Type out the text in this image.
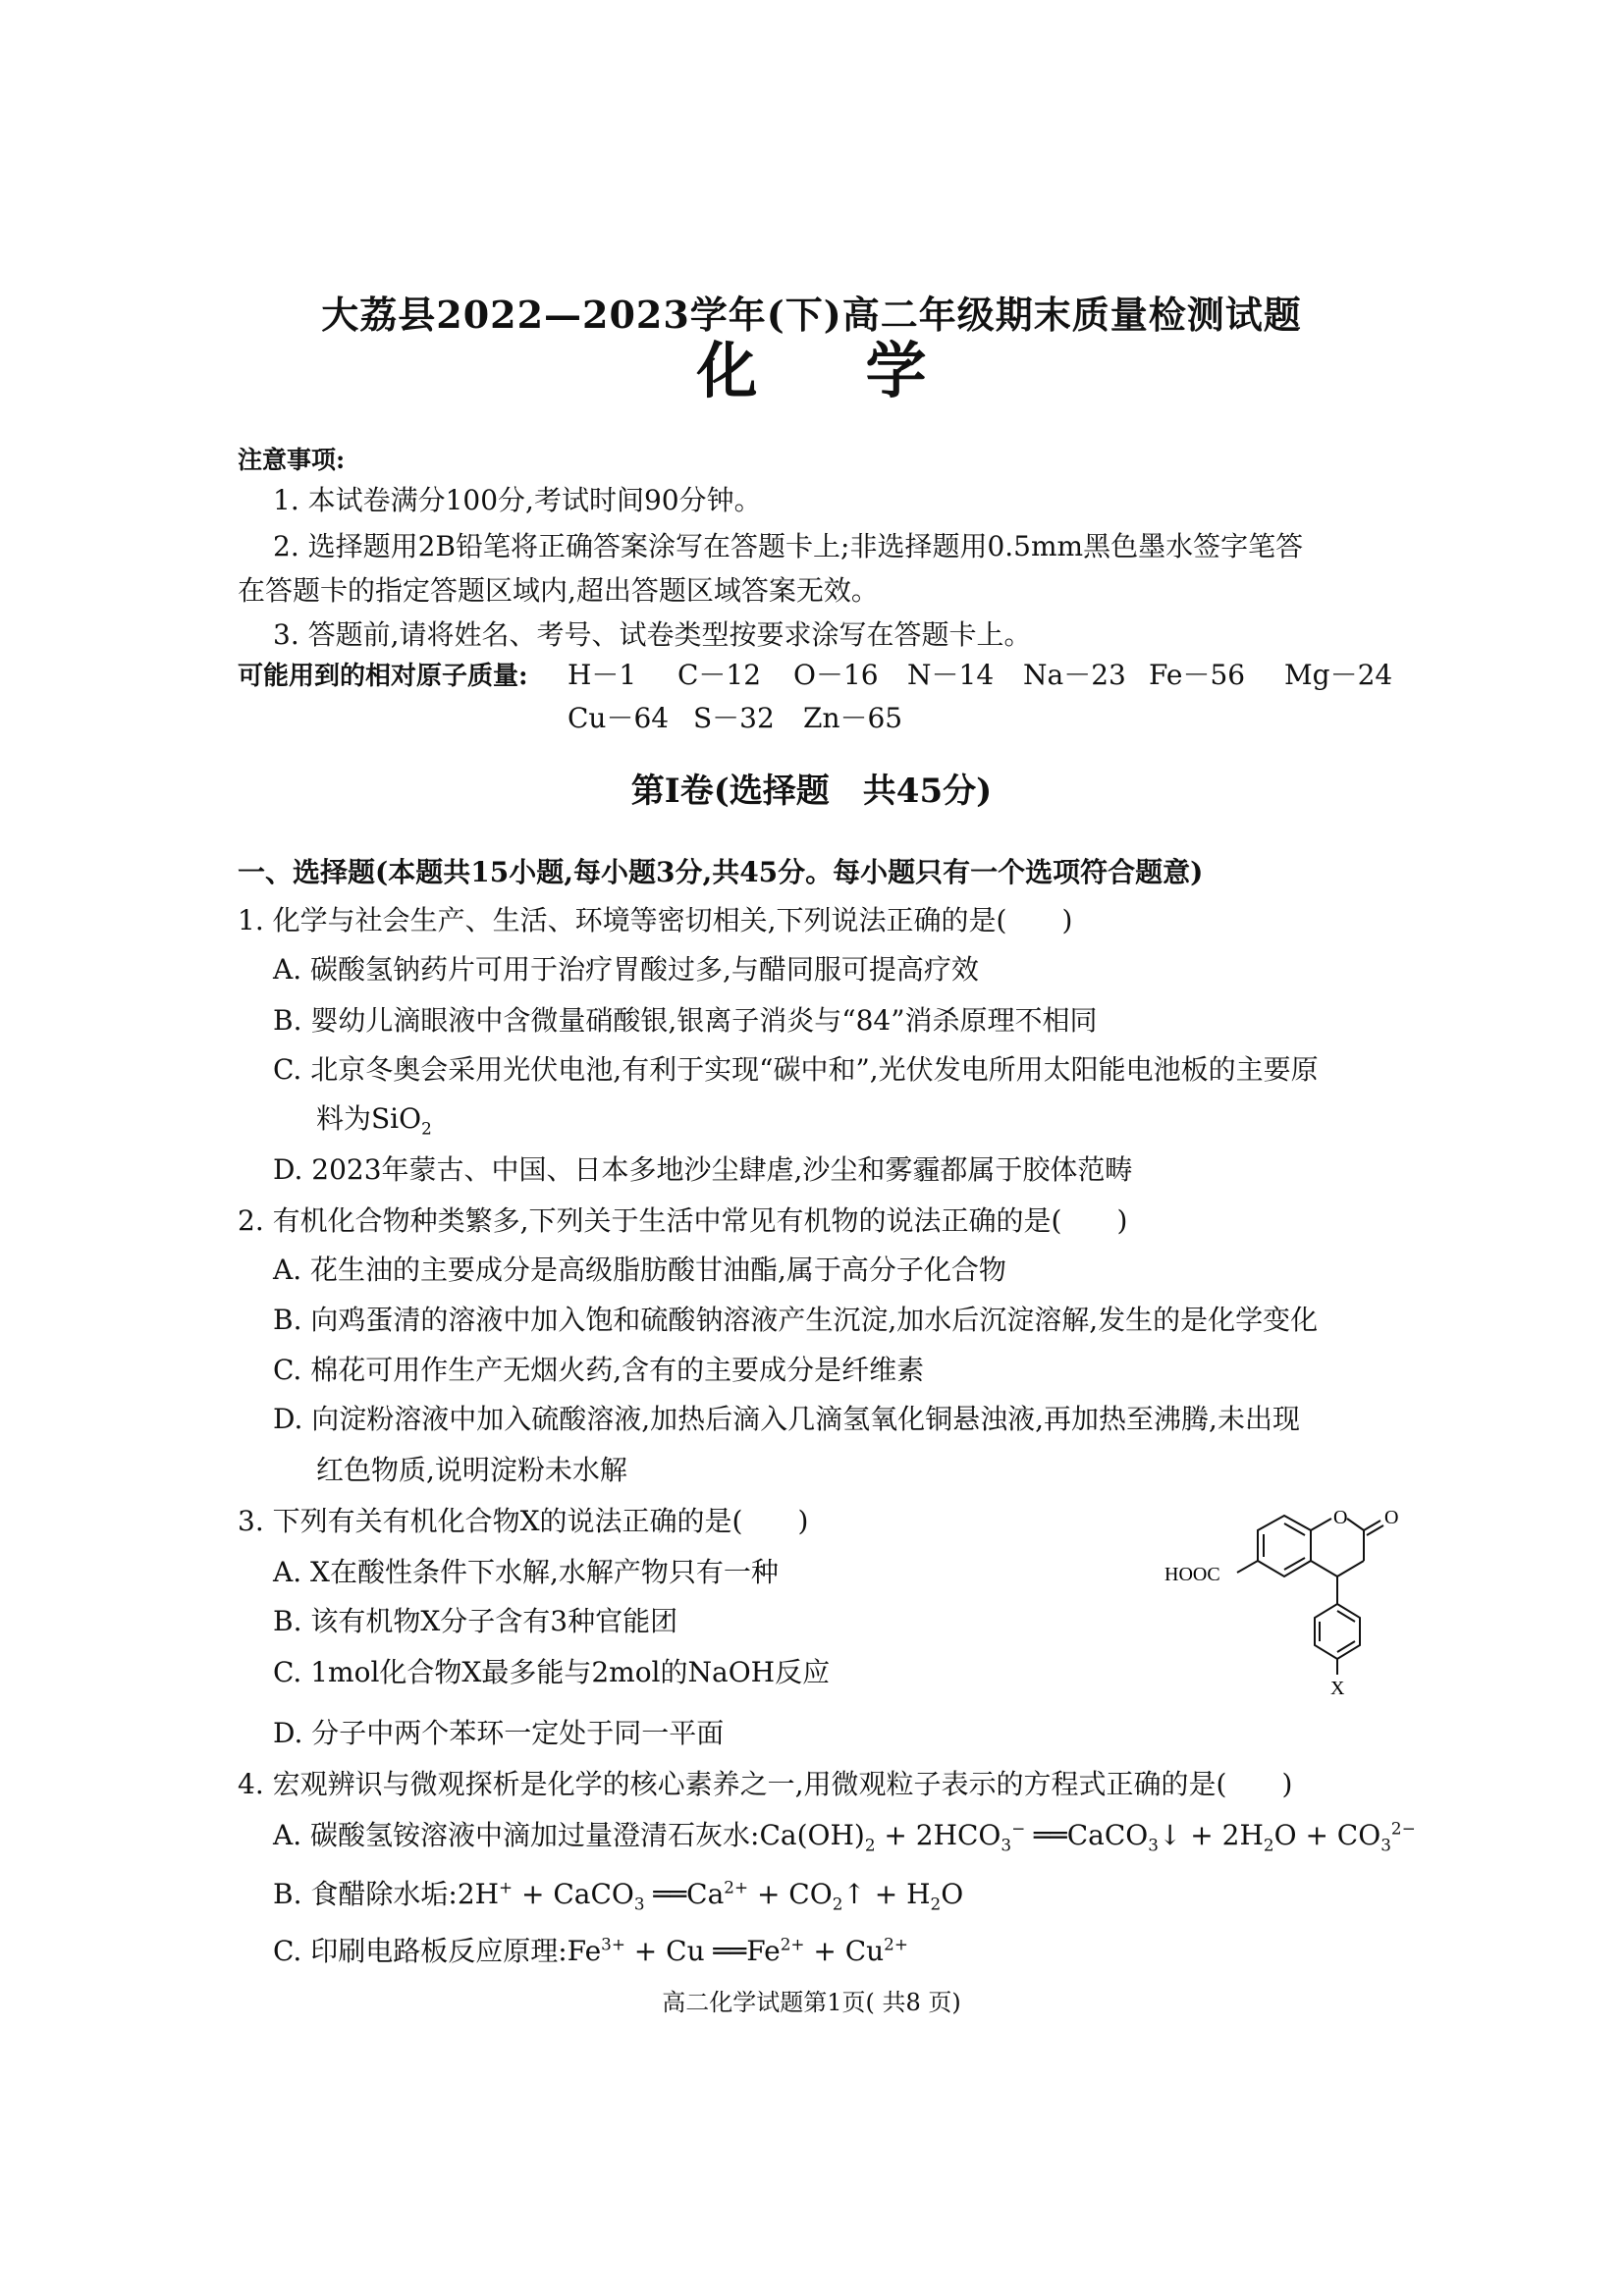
大荔县2022—2023学年(下)高二年级期末质量检测试题
化学
注意事项:
1. 本试卷满分100分,考试时间90分钟。
2. 选择题用2B铅笔将正确答案涂写在答题卡上;非选择题用0.5mm黑色墨水签字笔答
在答题卡的指定答题区域内,超出答题区域答案无效。
3. 答题前,请将姓名、考号、试卷类型按要求涂写在答题卡上。
可能用到的相对原子质量: H－1 C－12 O－16 N－14 Na－23 Fe－56 Mg－24
Cu－64 S－32 Zn－65
第Ⅰ卷(选择题　共45分)
一、选择题(本题共15小题,每小题3分,共45分。每小题只有一个选项符合题意)
1. 化学与社会生产、生活、环境等密切相关,下列说法正确的是(　　)
A. 碳酸氢钠药片可用于治疗胃酸过多,与醋同服可提高疗效
B. 婴幼儿滴眼液中含微量硝酸银,银离子消炎与“84”消杀原理不相同
C. 北京冬奥会采用光伏电池,有利于实现“碳中和”,光伏发电所用太阳能电池板的主要原
料为SiO$_2$
D. 2023年蒙古、中国、日本多地沙尘肆虐,沙尘和雾霾都属于胶体范畴
2. 有机化合物种类繁多,下列关于生活中常见有机物的说法正确的是(　　)
A. 花生油的主要成分是高级脂肪酸甘油酯,属于高分子化合物
B. 向鸡蛋清的溶液中加入饱和硫酸钠溶液产生沉淀,加水后沉淀溶解,发生的是化学变化
C. 棉花可用作生产无烟火药,含有的主要成分是纤维素
D. 向淀粉溶液中加入硫酸溶液,加热后滴入几滴氢氧化铜悬浊液,再加热至沸腾,未出现
红色物质,说明淀粉未水解
3. 下列有关有机化合物X的说法正确的是(　　)
A. X在酸性条件下水解,水解产物只有一种
B. 该有机物X分子含有3种官能团
C. 1mol化合物X最多能与2mol的NaOH反应
D. 分子中两个苯环一定处于同一平面
O O
HOOC
X
4. 宏观辨识与微观探析是化学的核心素养之一,用微观粒子表示的方程式正确的是(　　)
A. 碳酸氢铵溶液中滴加过量澄清石灰水$:Ca(OH)_2 + 2HCO_3^-$ ══CaCO$_3$↓ + $2H_2O + CO_3^{2-}$
B. 食醋除水垢:2H+ + CaCO$_3$ $══Ca^{2+}$ + $CO_2↑ + H_2O$
C. 印刷电路板反应原理$:Fe^{3+} + Cu$ $══Fe^{2+} + Cu^{2+}$
高二化学试题第1页( 共8 页)
